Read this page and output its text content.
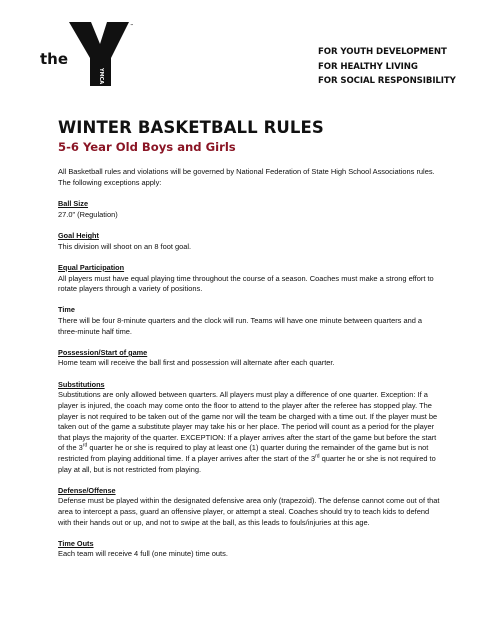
the
YMCA
™
FOR YOUTH DEVELOPMENT
FOR HEALTHY LIVING
FOR SOCIAL RESPONSIBILITY
WINTER BASKETBALL RULES
5-6 Year Old Boys and Girls

All Basketball rules and violations will be governed by National Federation of State High School Associations rules. The following exceptions apply:

Ball Size

27.0" (Regulation)

Goal Height

This division will shoot on an 8 foot goal.

Equal Participation

All players must have equal playing time throughout the course of a season. Coaches must make a strong effort to rotate players through a variety of positions.

Time

There will be four 8-minute quarters and the clock will run. Teams will have one minute between quarters and a three-minute half time.

Possession/Start of game

Home team will receive the ball first and possession will alternate after each quarter.

Substitutions

Substitutions are only allowed between quarters. All players must play a difference of one quarter. Exception: If a player is injured, the coach may come onto the floor to attend to the player after the referee has stopped play. The player is not required to be taken out of the game nor will the team be charged with a time out. If the player must be taken out of the game a substitute player may take his or her place. The period will count as a period for the player that plays the majority of the quarter. EXCEPTION: If a player arrives after the start of the game but before the start of the 3rd quarter he or she is required to play at least one (1) quarter during the remainder of the game but is not restricted from playing additional time. If a player arrives after the start of the 3rd quarter he or she is not required to play at all, but is not restricted from playing.

Defense/Offense

Defense must be played within the designated defensive area only (trapezoid). The defense cannot come out of that area to intercept a pass, guard an offensive player, or attempt a steal. Coaches should try to teach kids to defend with their hands out or up, and not to swipe at the ball, as this leads to fouls/injuries at this age.

Time Outs

Each team will receive 4 full (one minute) time outs.
